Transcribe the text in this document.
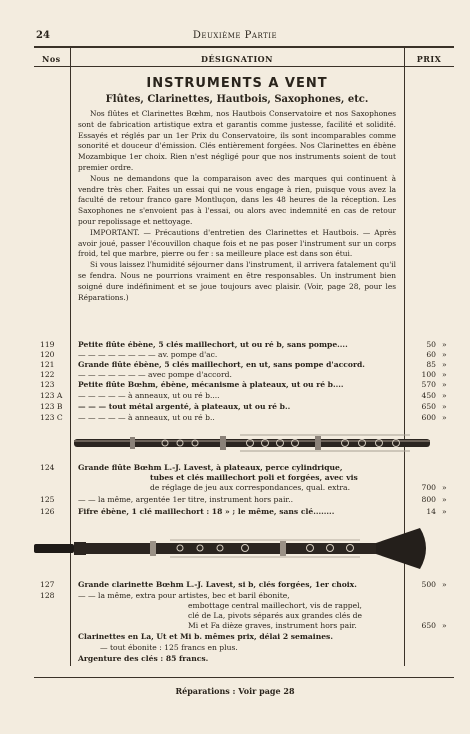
24	Deuxième Partie
Nos	DÉSIGNATION	PRIX
INSTRUMENTS A VENT
Flûtes, Clarinettes, Hautbois, Saxophones, etc.

Nos flûtes et Clarinettes Bœhm, nos Hautbois Conservatoire et nos Saxophones sont de fabrication artistique extra et garantis comme justesse, facilité et solidité. Essayés et réglés par un 1er Prix du Conservatoire, ils sont incomparables comme sonorité et douceur d'émission. Clés entièrement forgées. Nos Clarinettes en ébène Mozambique 1er choix. Rien n'est négligé pour que nos instruments soient de tout premier ordre.

Nous ne demandons que la comparaison avec des marques qui continuent à vendre très cher. Faites un essai qui ne vous engage à rien, puisque vous avez la faculté de retour franco gare Montluçon, dans les 48 heures de la réception. Les Saxophones ne s'envoient pas à l'essai, ou alors avec indemnité en cas de retour pour repolissage et nettoyage.

IMPORTANT. — Précautions d'entretien des Clarinettes et Hautbois. — Après avoir joué, passer l'écouvillon chaque fois et ne pas poser l'instrument sur un corps froid, tel que marbre, pierre ou fer : sa meilleure place est dans son étui.

Si vous laissez l'humidité séjourner dans l'instrument, il arrivera fatalement qu'il se fendra. Nous ne pourrions vraiment en être responsables. Un instrument bien soigné dure indéfiniment et se joue toujours avec plaisir. (Voir, page 28, pour les Réparations.)

119	Petite flûte ébène, 5 clés maillechort, ut ou ré b, sans pompe....	50 »
120	— — — — — — — — av. pompe d'ac.	60 »
121	Grande flûte ébène, 5 clés maillechort, en ut, sans pompe d'accord.	85 »
122	— — — — — — — avec pompe d'accord.	100 »
123	Petite flûte Bœhm, ébène, mécanisme à plateaux, ut ou ré b....	570 »
123 A	— — — — — à anneaux, ut ou ré b....	450 »
123 B	— — — tout métal argenté, à plateaux, ut ou ré b..	650 »
123 C	— — — — — à anneaux, ut ou ré b..	600 »
124	Grande flûte Bœhm L.-J. Lavest, à plateaux, perce cylindrique,
tubes et clés maillechort poli et forgées, avec vis
de réglage de jeu aux correspondances, qual. extra.	700 »
125	— — la même, argentée 1er titre, instrument hors pair..	800 »
126	Fifre ébène, 1 clé maillechort : 18 » ; le même, sans clé........	14 »
127	Grande clarinette Bœhm L.-J. Lavest, si b, clés forgées, 1er choix.	500 »
128	— — la même, extra pour artistes, bec et baril ébonite,
embottage central maillechort, vis de rappel,
clé de La, pivots séparés aux grandes clés de
Mi et Fa dièze graves, instrument hors pair.	650 »
Clarinettes en La, Ut et Mi b. mêmes prix, délai 2 semaines.
— tout ébonite : 125 francs en plus.
Argenture des clés : 85 francs.
Réparations : Voir page 28
